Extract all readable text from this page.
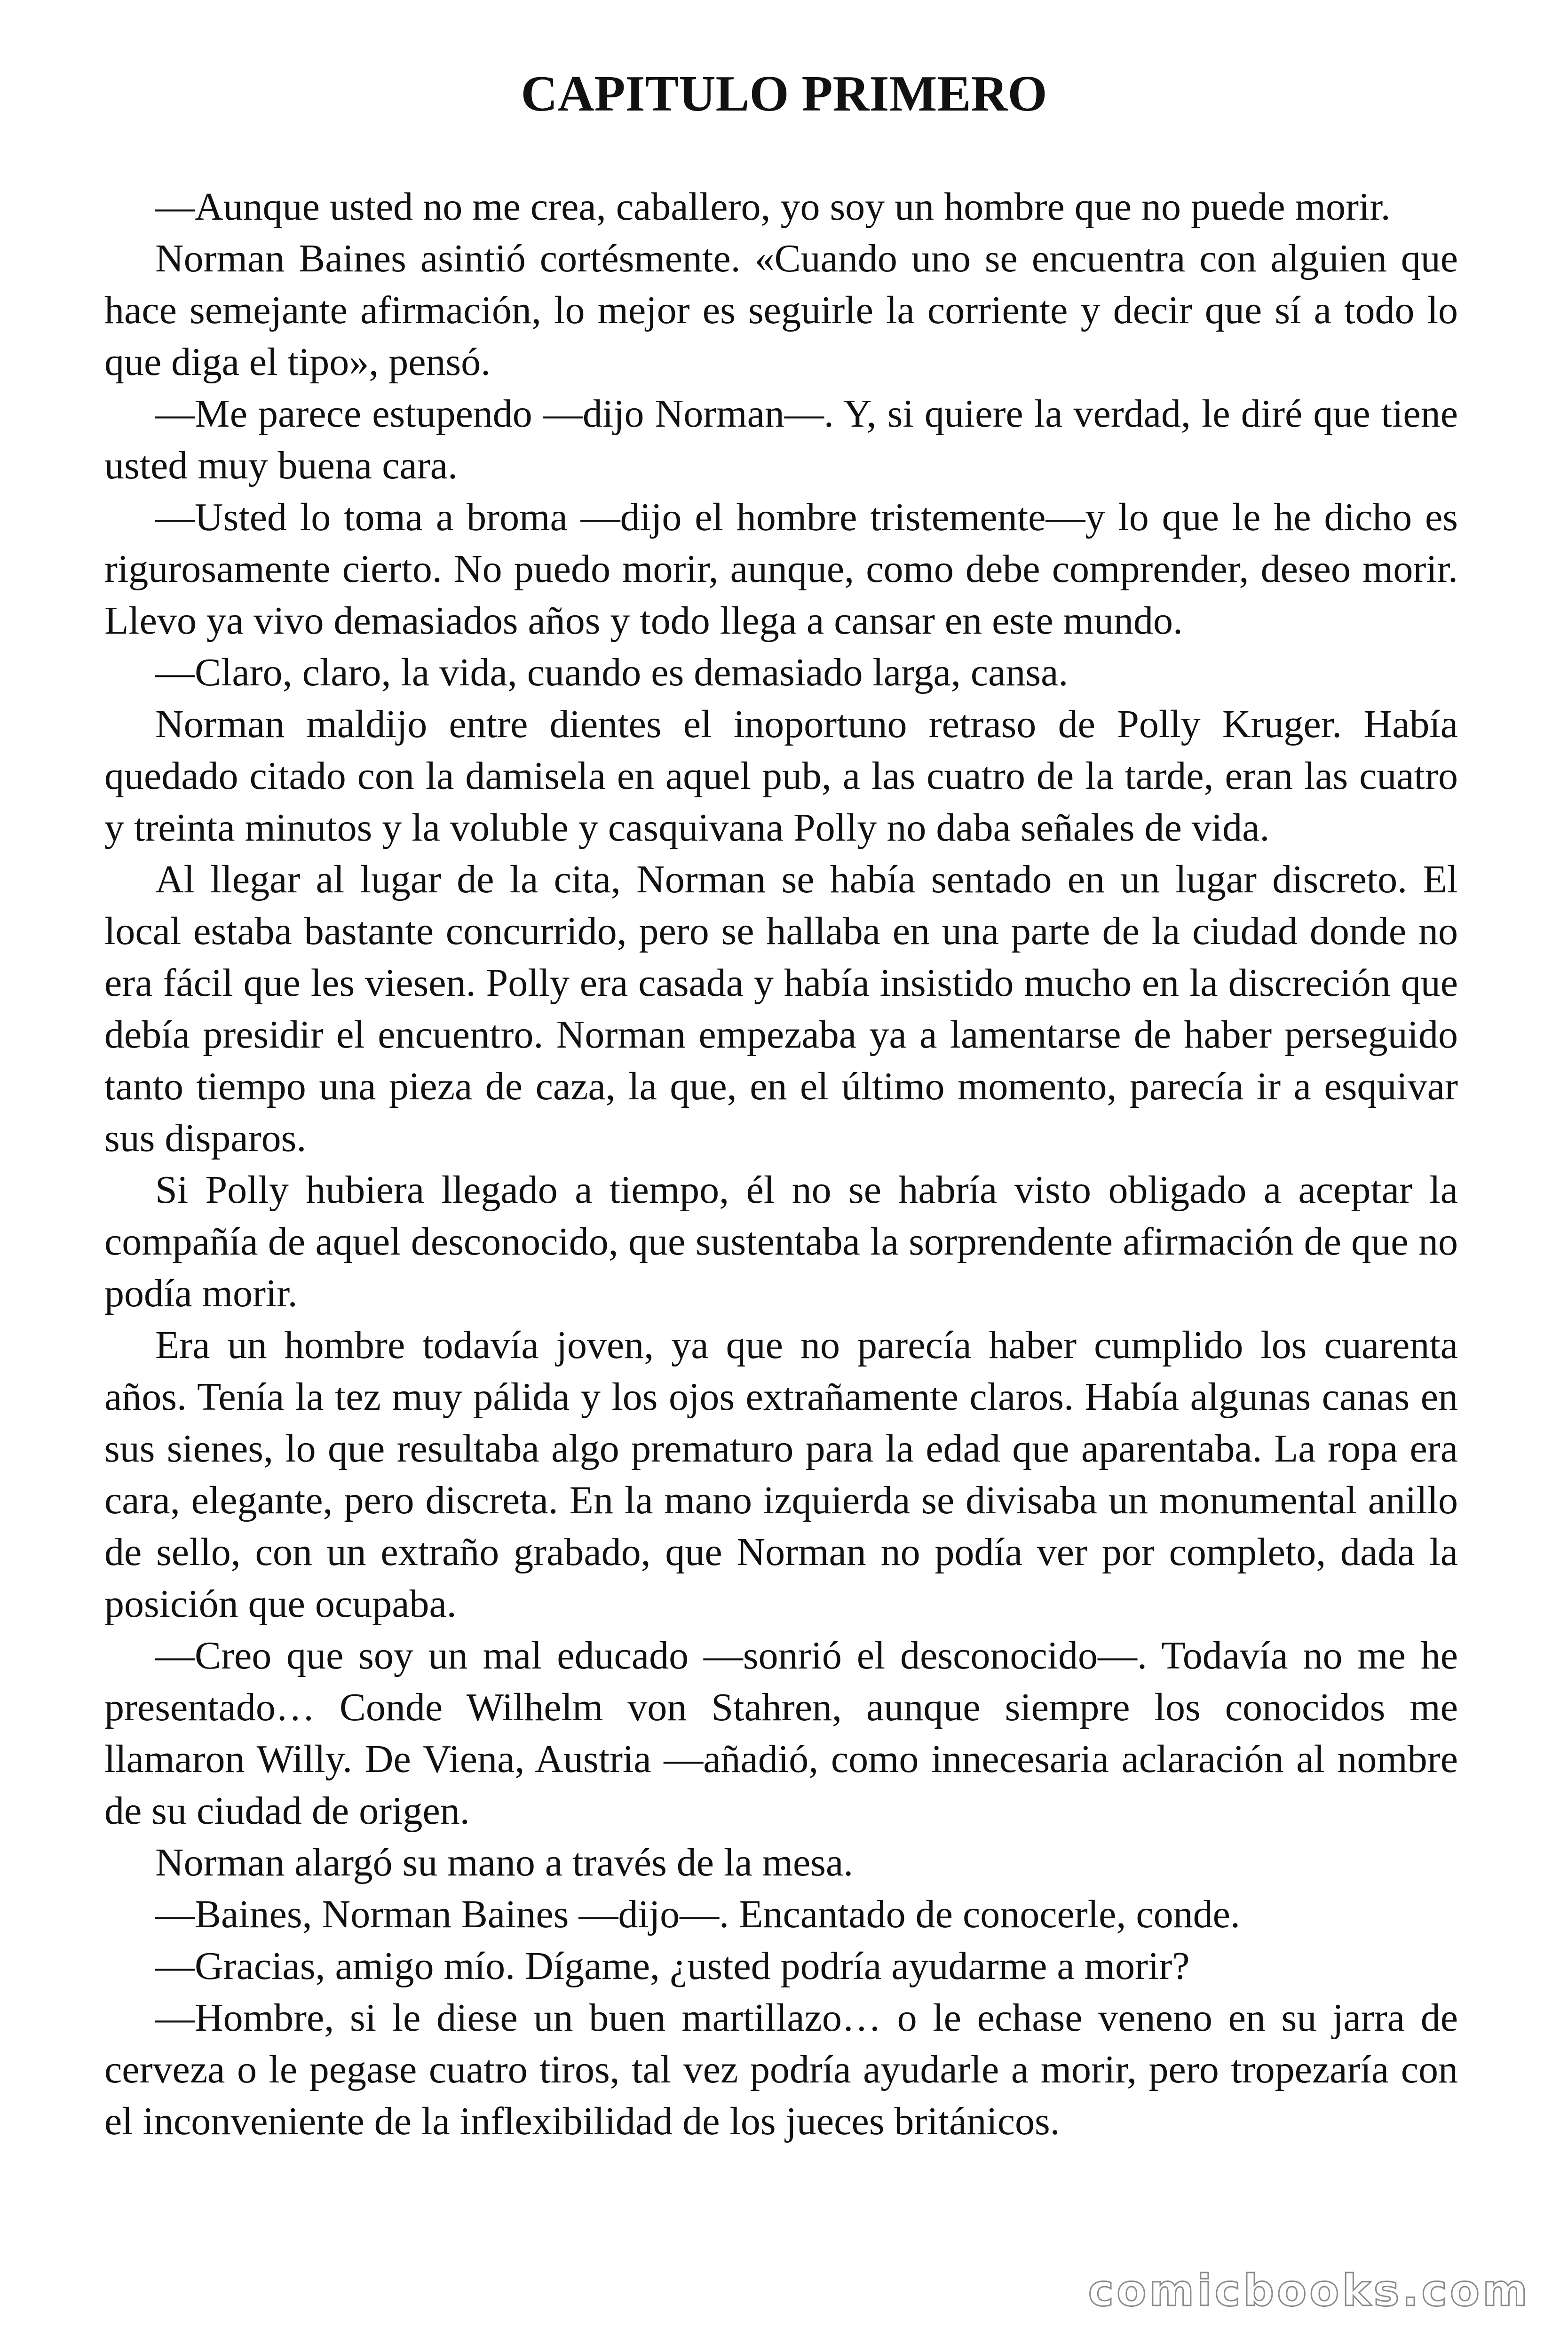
CAPITULO PRIMERO

—Aunque usted no me crea, caballero, yo soy un hombre que no puede morir.

Norman Baines asintió cortésmente. «Cuando uno se encuentra con alguien que hace semejante afirmación, lo mejor es seguirle la corriente y decir que sí a todo lo que diga el tipo», pensó.

—Me parece estupendo —dijo Norman—. Y, si quiere la verdad, le diré que tiene usted muy buena cara.

—Usted lo toma a broma —dijo el hombre tristemente—y lo que le he dicho es rigurosamente cierto. No puedo morir, aunque, como debe comprender, deseo morir. Llevo ya vivo demasiados años y todo llega a cansar en este mundo.

—Claro, claro, la vida, cuando es demasiado larga, cansa.

Norman maldijo entre dientes el inoportuno retraso de Polly Kruger. Había quedado citado con la damisela en aquel pub, a las cuatro de la tarde, eran las cuatro y treinta minutos y la voluble y casquivana Polly no daba señales de vida.

Al llegar al lugar de la cita, Norman se había sentado en un lugar discreto. El local estaba bastante concurrido, pero se hallaba en una parte de la ciudad donde no era fácil que les viesen. Polly era casada y había insistido mucho en la discreción que debía presidir el encuentro. Norman empezaba ya a lamentarse de haber perseguido tanto tiempo una pieza de caza, la que, en el último momento, parecía ir a esquivar sus disparos.

Si Polly hubiera llegado a tiempo, él no se habría visto obligado a aceptar la compañía de aquel desconocido, que sustentaba la sorprendente afirmación de que no podía morir.

Era un hombre todavía joven, ya que no parecía haber cumplido los cuarenta años. Tenía la tez muy pálida y los ojos extrañamente claros. Había algunas canas en sus sienes, lo que resultaba algo prematuro para la edad que aparentaba. La ropa era cara, elegante, pero discreta. En la mano izquierda se divisaba un monumental anillo de sello, con un extraño grabado, que Norman no podía ver por completo, dada la posición que ocupaba.

—Creo que soy un mal educado —sonrió el desconocido—. Todavía no me he presentado… Conde Wilhelm von Stahren, aunque siempre los conocidos me llamaron Willy. De Viena, Austria —añadió, como innecesaria aclaración al nombre de su ciudad de origen.

Norman alargó su mano a través de la mesa.

—Baines, Norman Baines —dijo—. Encantado de conocerle, conde.

—Gracias, amigo mío. Dígame, ¿usted podría ayudarme a morir?

—Hombre, si le diese un buen martillazo… o le echase veneno en su jarra de cerveza o le pegase cuatro tiros, tal vez podría ayudarle a morir, pero tropezaría con el inconveniente de la inflexibilidad de los jueces británicos.

comicbooks.com
